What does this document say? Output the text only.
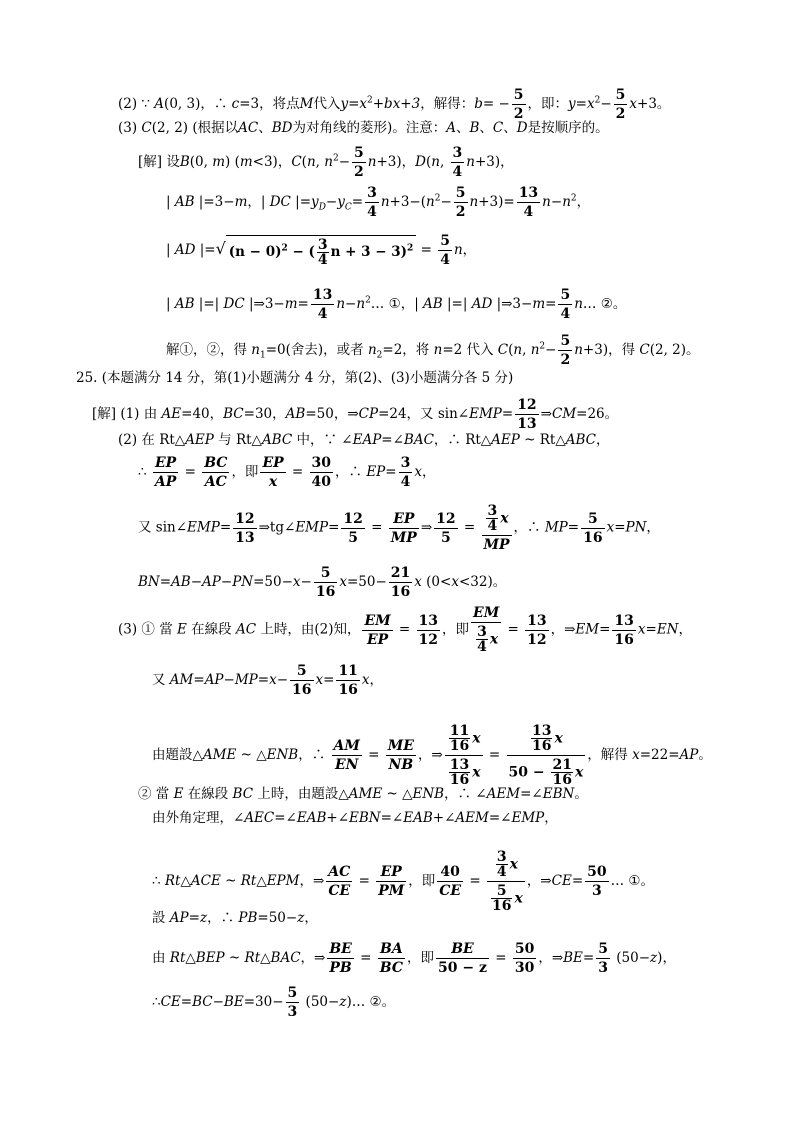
(2) ∵ A(0, 3)，∴ c=3，将点M代入$y=x^2+bx+3$，解得：$b= - \frac{5}{2}$ ，即：$y=x^2- \frac{5}{2} x+3$。
(3) C(2, 2) (根据以AC、BD为对角线的菱形)。注意：A、B、C、D是按顺序的。
[解] 设B(0, m) (m<3)，C(n, $n^2- \frac{5}{2} n+3$)，D(n, $\frac{3}{4} n+3$)，
| AB |=3−m，| DC $|=y_D-y_C= \frac{3}{4} n+3-(n^2- \frac{5}{2} n+3)= \frac{13}{4} n-n^2$，
| AD |=√ $(n - 0)^2$ − ( $\frac{3}{4}$ $n + 3 - 3)^2 = \frac{5}{4}$ n，
| AB |=| DC |⇒3−m= $\frac{13}{4}$ $n-n^2\dots$ ①，| AB |=| AD |⇒3−m= $\frac{5}{4}$ n… ②。
解①，②，得 $n_1=0$(舍去)，或者 $n_2=2$，将 n=2 代入 C(n, $n^2- \frac{5}{2} n+3$)，得 C(2, 2)。
25. (本题满分 14 分，第(1)小题满分 4 分，第(2)、(3)小题满分各 5 分)
[解] (1) 由 AE=40，BC=30，AB=50，⇒CP=24，又 sin∠EMP= $\frac{12}{13}$ ⇒CM=26。
(2) 在 Rt△AEP 与 Rt△ABC 中，∵ ∠EAP=∠BAC，∴ Rt△AEP ~ Rt△ABC，
∴ $\frac{EP}{AP} = \frac{BC}{AC}$ ，即 $\frac{EP}{x} = \frac{30}{40}$ ，∴ $EP= \frac{3}{4}$ x，
又 sin∠EMP= $\frac{12}{13}$ ⇒tg∠EMP= $\frac{12}{5} = \frac{EP}{MP}$ ⇒ $\frac{12}{5} = \frac{\frac{3}{4} x}{MP}$ ，∴ $MP= \frac{5}{16} x=PN$，
$BN=AB-AP-PN=50-x- \frac{5}{16} x=50- \frac{21}{16}$ x (0<x<32)。
(3) ① 當 E 在線段 AC 上時，由(2)知， $\frac{EM}{EP} = \frac{13}{12}$ ，即 $\frac{EM}{\frac{3}{4} x} = \frac{13}{12}$ ，⇒EM= $\frac{13}{16} x=EN$，
又 $AM=AP-MP=x- \frac{5}{16} x= \frac{11}{16}$ x，
由題設△AME ~ △ENB，∴ $\frac{AM}{EN} = \frac{ME}{NB}$ ，⇒ $\frac{\frac{11}{16} x}{\frac{13}{16} x} = \frac{\frac{13}{16} x}{50 - \frac{21}{16} x}$ ，解得 x=22=AP。
② 當 E 在線段 BC 上時，由題設△AME ~ △ENB，∴ ∠AEM=∠EBN。
由外角定理，∠AEC=∠EAB+∠EBN=∠EAB+∠AEM=∠EMP，
∴ Rt△ACE ~ Rt△EPM，⇒ $\frac{AC}{CE} = \frac{EP}{PM}$ ，即 $\frac{40}{CE} = \frac{\frac{3}{4} x}{\frac{5}{16} x}$ ，⇒CE= $\frac{50}{3}$ … ①。
設 AP=z，∴ PB=50−z，
由 Rt△BEP ~ Rt△BAC，⇒ $\frac{BE}{PB} = \frac{BA}{BC}$ ，即 $\frac{BE}{50 - z} = \frac{50}{30}$ ，⇒BE= $\frac{5}{3} (50-z)$，
∴CE=BC−BE=30− $\frac{5}{3}$ (50−z)… ②。
